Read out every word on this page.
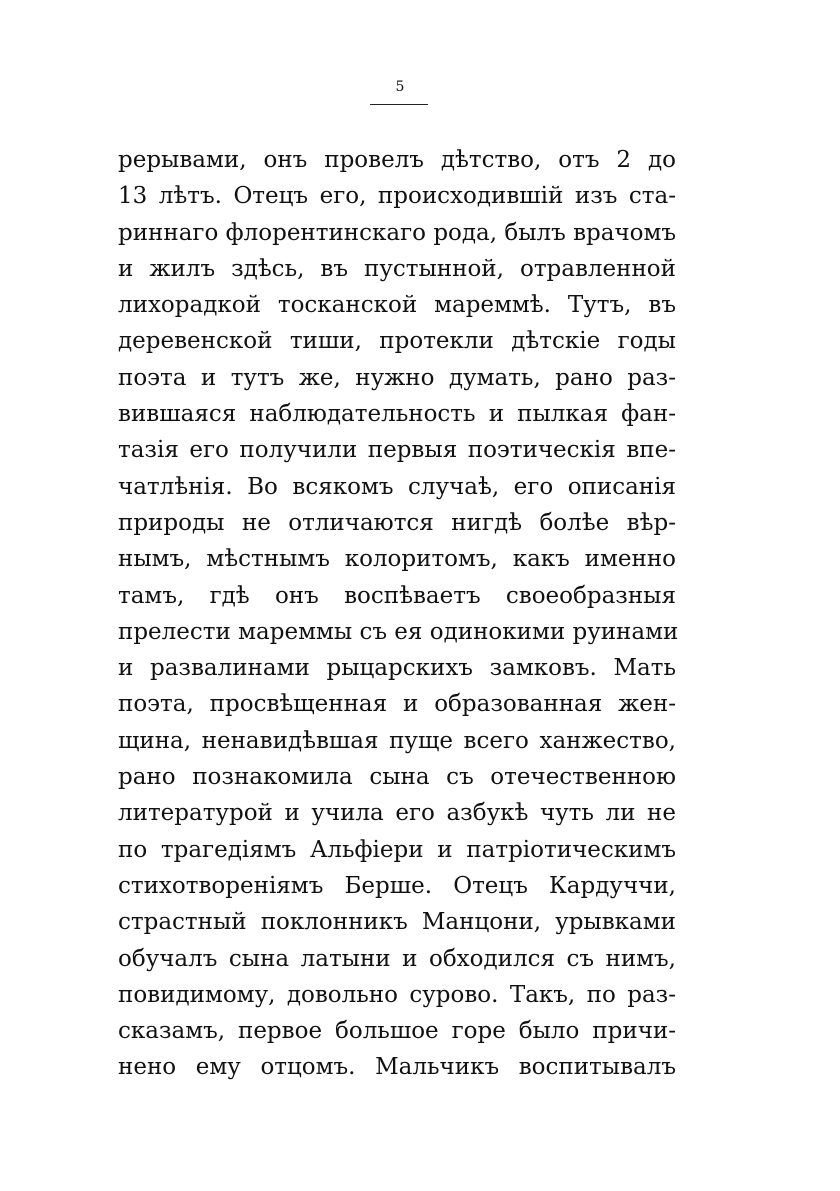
5
рерывами, онъ провелъ дѣтство, отъ 2 до
13 лѣтъ. Отецъ его, происходившій изъ ста-
риннаго флорентинскаго рода, былъ врачомъ
и жилъ здѣсь, въ пустынной, отравленной
лихорадкой тосканской мареммѣ. Тутъ, въ
деревенской тиши, протекли дѣтскіе годы
поэта и тутъ же, нужно думать, рано раз-
вившаяся наблюдательность и пылкая фан-
тазія его получили первыя поэтическія впе-
чатлѣнія. Во всякомъ случаѣ, его описанія
природы не отличаются нигдѣ болѣе вѣр-
нымъ, мѣстнымъ колоритомъ, какъ именно
тамъ, гдѣ онъ воспѣваетъ своеобразныя
прелести мареммы съ ея одинокими руинами
и развалинами рыцарскихъ замковъ. Мать
поэта, просвѣщенная и образованная жен-
щина, ненавидѣвшая пуще всего ханжество,
рано познакомила сына съ отечественною
литературой и учила его азбукѣ чуть ли не
по трагедіямъ Альфіери и патріотическимъ
стихотвореніямъ Берше. Отецъ Кардуччи,
страстный поклонникъ Манцони, урывками
обучалъ сына латыни и обходился съ нимъ,
повидимому, довольно сурово. Такъ, по раз-
сказамъ, первое большое горе было причи-
нено ему отцомъ. Мальчикъ воспитывалъ
